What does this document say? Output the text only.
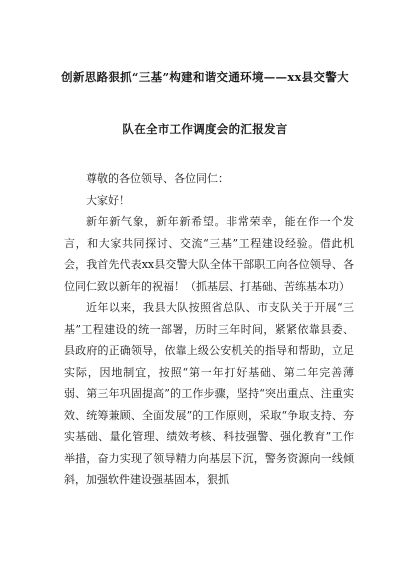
创新思路狠抓“三基”构建和谐交通环境——xx县交警大
队在全市工作调度会的汇报发言

尊敬的各位领导、各位同仁：

大家好！

新年新气象，新年新希望。非常荣幸，能在作一个发言，和大家共同探讨、交流“三基”工程建设经验。借此机会，我首先代表xx县交警大队全体干部职工向各位领导、各位同仁致以新年的祝福！（抓基层、打基础、苦练基本功）

近年以来，我县大队按照省总队、市支队关于开展“三基”工程建设的统一部署，历时三年时间，紧紧依靠县委、县政府的正确领导，依靠上级公安机关的指导和帮助，立足实际，因地制宜，按照“第一年打好基础、第二年完善薄弱、第三年巩固提高”的工作步骤，坚持“突出重点、注重实效、统筹兼顾、全面发展”的工作原则，采取“争取支持、夯实基础、量化管理、绩效考核、科技强警、强化教育”工作举措，奋力实现了领导精力向基层下沉，警务资源向一线倾斜，加强软件建设强基固本，狠抓
